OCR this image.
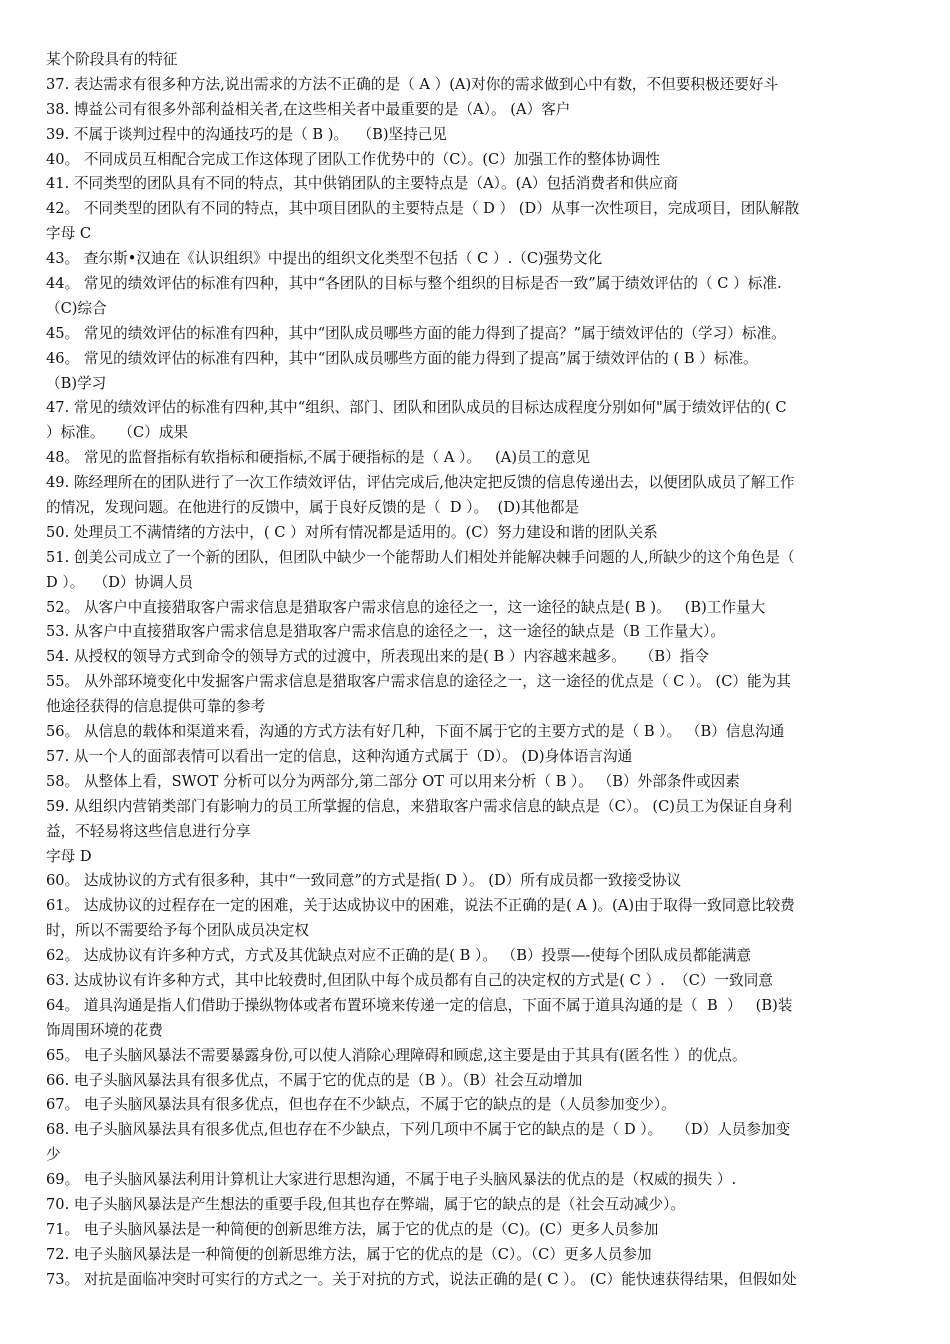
某个阶段具有的特征
37. 表达需求有很多种方法,说出需求的方法不正确的是（ A ）(A)对你的需求做到心中有数，不但要积极还要好斗
38. 博益公司有很多外部利益相关者,在这些相关者中最重要的是（A）。 (A）客户
39. 不属于谈判过程中的沟通技巧的是（ B )。  （B)坚持己见
40。 不同成员互相配合完成工作这体现了团队工作优势中的（C）。(C）加强工作的整体协调性
41. 不同类型的团队具有不同的特点，其中供销团队的主要特点是（A）。(A）包括消费者和供应商
42。 不同类型的团队有不同的特点，其中项目团队的主要特点是（ D ） (D）从事一次性项目，完成项目，团队解散
字母 C
43。 查尔斯•汉迪在《认识组织》中提出的组织文化类型不包括（ C ）.（C)强势文化
44。 常见的绩效评估的标准有四种，其中“各团队的目标与整个组织的目标是否一致”属于绩效评估的（ C ）标准.
（C)综合
45。 常见的绩效评估的标准有四种，其中“团队成员哪些方面的能力得到了提高？”属于绩效评估的（学习）标准。
46。 常见的绩效评估的标准有四种，其中“团队成员哪些方面的能力得到了提高”属于绩效评估的 ( B ）标准。
（B)学习
47. 常见的绩效评估的标准有四种,其中“组织、部门、团队和团队成员的目标达成程度分别如何"属于绩效评估的( C
）标准。   （C）成果
48。 常见的监督指标有软指标和硬指标,不属于硬指标的是（ A ）。   (A)员工的意见
49. 陈经理所在的团队进行了一次工作绩效评估，评估完成后,他决定把反馈的信息传递出去，以便团队成员了解工作
的情况，发现问题。在他进行的反馈中，属于良好反馈的是（  D ）。  (D)其他都是
50. 处理员工不满情绪的方法中，( C ）对所有情况都是适用的。(C）努力建设和谐的团队关系
51. 创美公司成立了一个新的团队，但团队中缺少一个能帮助人们相处并能解决棘手问题的人,所缺少的这个角色是（
D ）。  （D）协调人员
52。 从客户中直接猎取客户需求信息是猎取客户需求信息的途径之一，这一途径的缺点是( B )。   (B)工作量大
53. 从客户中直接猎取客户需求信息是猎取客户需求信息的途径之一，这一途径的缺点是（B 工作量大）。
54. 从授权的领导方式到命令的领导方式的过渡中，所表现出来的是( B ）内容越来越多。   （B）指令
55。 从外部环境变化中发掘客户需求信息是猎取客户需求信息的途径之一，这一途径的优点是（ C ）。 (C）能为其
他途径获得的信息提供可靠的参考
56。 从信息的载体和渠道来看，沟通的方式方法有好几种，下面不属于它的主要方式的是（ B ）。 （B）信息沟通
57. 从一个人的面部表情可以看出一定的信息，这种沟通方式属于（D）。 (D)身体语言沟通
58。 从整体上看，SWOT 分析可以分为两部分,第二部分 OT 可以用来分析（ B ）。 （B）外部条件或因素
59. 从组织内营销类部门有影响力的员工所掌握的信息，来猎取客户需求信息的缺点是（C）。 (C)员工为保证自身利
益，不轻易将这些信息进行分享
字母 D
60。 达成协议的方式有很多种，其中“一致同意”的方式是指( D ）。 (D）所有成员都一致接受协议
61。 达成协议的过程存在一定的困难，关于达成协议中的困难，说法不正确的是( A )。(A)由于取得一致同意比较费
时，所以不需要给予每个团队成员决定权
62。 达成协议有许多种方式，方式及其优缺点对应不正确的是( B ）。 （B）投票—-使每个团队成员都能满意
63. 达成协议有许多种方式，其中比较费时,但团队中每个成员都有自己的决定权的方式是( C ）.  （C）一致同意
64。 道具沟通是指人们借助于操纵物体或者布置环境来传递一定的信息，下面不属于道具沟通的是（  B  ）   (B)装
饰周围环境的花费
65。 电子头脑风暴法不需要暴露身份,可以使人消除心理障碍和顾虑,这主要是由于其具有(匿名性 ）的优点。
66. 电子头脑风暴法具有很多优点，不属于它的优点的是（B ）。（B）社会互动增加
67。 电子头脑风暴法具有很多优点，但也存在不少缺点，不属于它的缺点的是（人员参加变少）。
68. 电子头脑风暴法具有很多优点,但也存在不少缺点，下列几项中不属于它的缺点的是（ D ）。   （D）人员参加变
少
69。 电子头脑风暴法利用计算机让大家进行思想沟通，不属于电子头脑风暴法的优点的是（权威的损失 ）.
70. 电子头脑风暴法是产生想法的重要手段,但其也存在弊端，属于它的缺点的是（社会互动减少）。
71。 电子头脑风暴法是一种简便的创新思维方法，属于它的优点的是（C)。(C）更多人员参加
72. 电子头脑风暴法是一种简便的创新思维方法，属于它的优点的是（C）。（C）更多人员参加
73。 对抗是面临冲突时可实行的方式之一。关于对抗的方式，说法正确的是( C ）。 (C）能快速获得结果，但假如处
